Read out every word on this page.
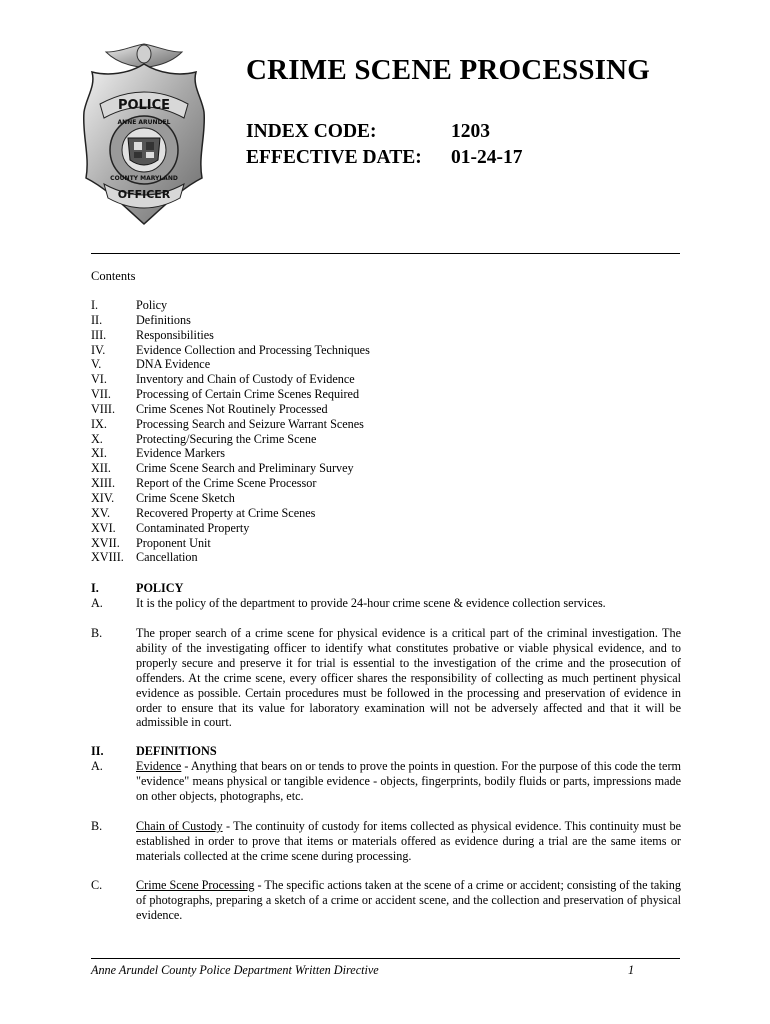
POLICE
ANNE ARUNDEL
COUNTY MARYLAND
OFFICER
CRIME SCENE PROCESSING
INDEX CODE:	1203
EFFECTIVE DATE: 01-24-17
Contents
I.	Policy
II.	Definitions
III. Responsibilities
IV.	Evidence Collection and Processing Techniques
V.	DNA Evidence
VI. Inventory and Chain of Custody of Evidence
VII. Processing of Certain Crime Scenes Required
VIII. Crime Scenes Not Routinely Processed
IX. Processing Search and Seizure Warrant Scenes
X.	Protecting/Securing the Crime Scene
XI. Evidence Markers
XII. Crime Scene Search and Preliminary Survey
XIII. Report of the Crime Scene Processor
XIV. Crime Scene Sketch
XV. Recovered Property at Crime Scenes
XVI. Contaminated Property
XVII. Proponent Unit
XVIII. Cancellation
I.	POLICY
A.	It is the policy of the department to provide 24-hour crime scene & evidence collection services.
B.	The proper search of a crime scene for physical evidence is a critical part of the criminal investigation. The ability of the investigating officer to identify what constitutes probative or viable physical evidence, and to properly secure and preserve it for trial is essential to the investigation of the crime and the prosecution of offenders. At the crime scene, every officer shares the responsibility of collecting as much pertinent physical evidence as possible. Certain procedures must be followed in the processing and preservation of evidence in order to ensure that its value for laboratory examination will not be adversely affected and that it will be admissible in court.
II.	DEFINITIONS
A.	Evidence - Anything that bears on or tends to prove the points in question. For the purpose of this code the term "evidence" means physical or tangible evidence - objects, fingerprints, bodily fluids or parts, impressions made on other objects, photographs, etc.
B.	Chain of Custody - The continuity of custody for items collected as physical evidence. This continuity must be established in order to prove that items or materials offered as evidence during a trial are the same items or materials collected at the crime scene during processing.
C.	Crime Scene Processing - The specific actions taken at the scene of a crime or accident; consisting of the taking of photographs, preparing a sketch of a crime or accident scene, and the collection and preservation of physical evidence.
Anne Arundel County Police Department Written Directive	1
